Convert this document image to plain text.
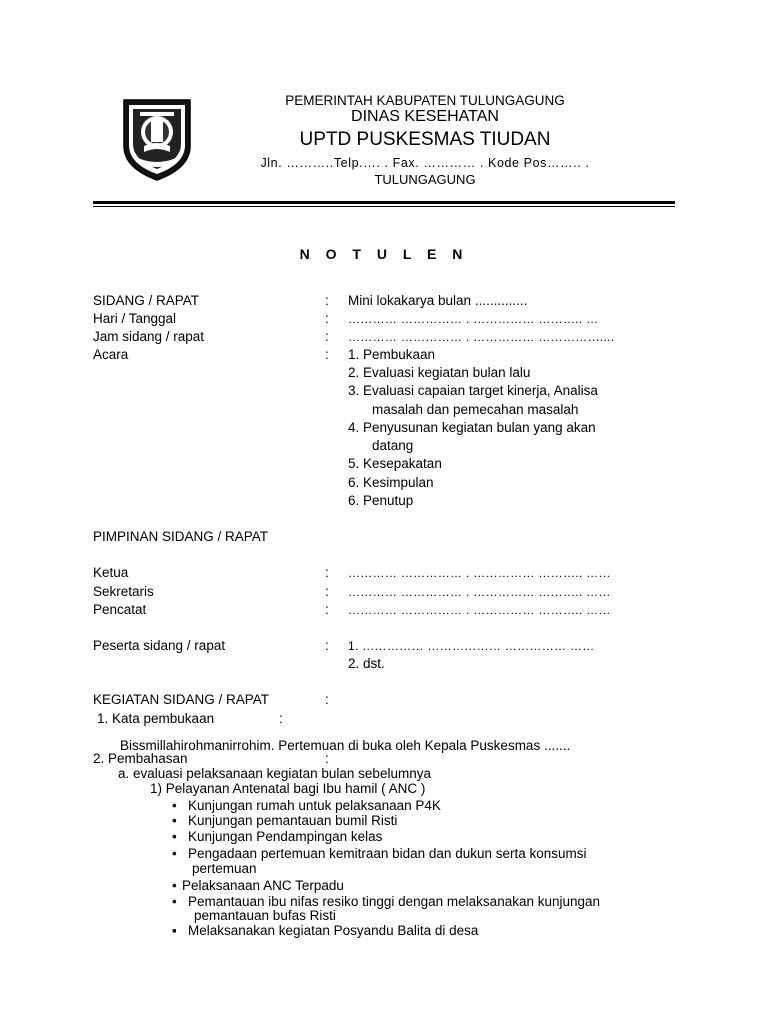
PEMERINTAH KABUPATEN TULUNGAGUNG
DINAS KESEHATAN
UPTD PUSKESMAS TIUDAN
Jln. ………..Telp.…. . Fax. ………… . Kode Pos…….. .
TULUNGAGUNG
N O T U L E N
SIDANG / RAPAT	: Mini lokakarya bulan ..............
Hari / Tanggal	: ………… …………… . …………… ……….. …
Jam sidang / rapat	: ………… …………… . …………… ……………....
Acara	: 1. Pembukaan
2. Evaluasi kegiatan bulan lalu
3. Evaluasi capaian target kinerja, Analisa
masalah dan pemecahan masalah
4. Penyusunan kegiatan bulan yang akan
datang
5. Kesepakatan
6. Kesimpulan
6. Penutup
PIMPINAN SIDANG / RAPAT
Ketua	: ………… …………… . …………… ……….. ……
Sekretaris	: ………… …………… . …………… ……….. ……
Pencatat	: ………… …………… . …………… ……….. ……
Peserta sidang / rapat	: 1. …………… ……………… …………… ……
2. dst.
KEGIATAN SIDANG / RAPAT	:
1. Kata pembukaan	:
Bissmillahirohmanirrohim. Pertemuan di buka oleh Kepala Puskesmas .......
2. Pembahasan	:
a. evaluasi pelaksanaan kegiatan bulan sebelumnya
1) Pelayanan Antenatal bagi Ibu hamil ( ANC )
• Kunjungan rumah untuk pelaksanaan P4K
• Kunjungan pemantauan bumil Risti
• Kunjungan Pendampingan kelas
• Pengadaan pertemuan kemitraan bidan dan dukun serta konsumsi
pertemuan
• Pelaksanaan ANC Terpadu
• Pemantauan ibu nifas resiko tinggi dengan melaksanakan kunjungan
pemantauan bufas Risti
▪ Melaksanakan kegiatan Posyandu Balita di desa
